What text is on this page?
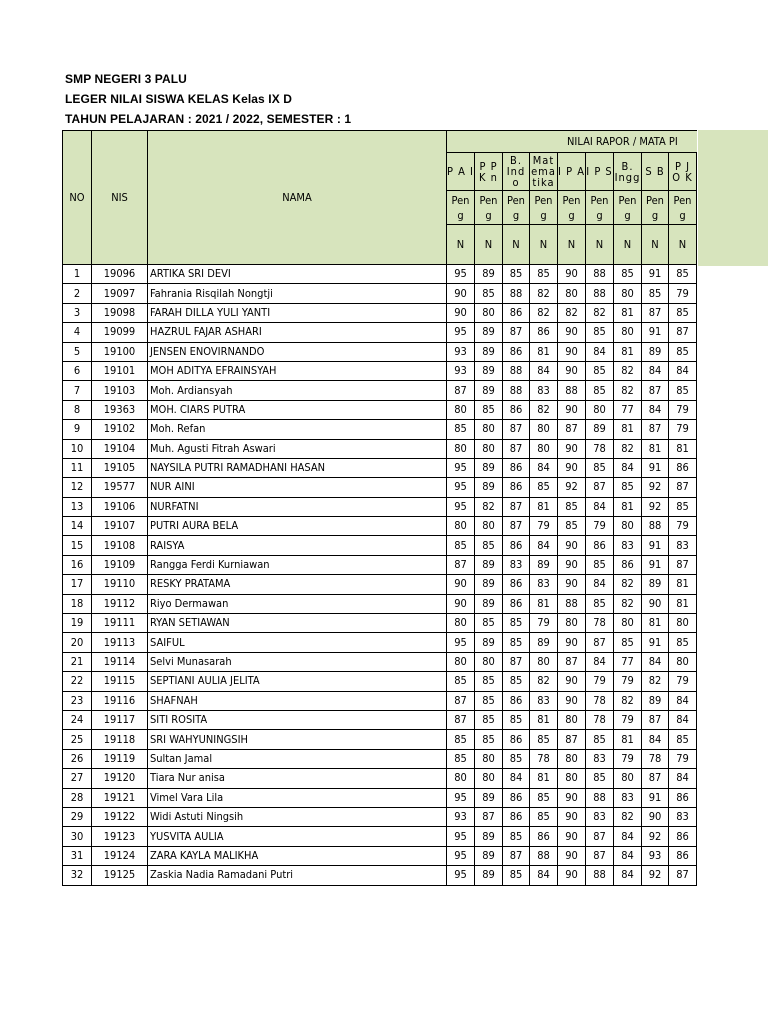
SMP NEGERI 3 PALU
LEGER NILAI SISWA KELAS Kelas IX D
TAHUN PELAJARAN : 2021 / 2022, SEMESTER : 1
NO	NIS	NAMA	NILAI RAPOR / MATA PI								
			P A I	P P K n	B. Ind o	Mat ema tika	I P A	I P S	B. Ingg	S B	P J O K
			Pen g	Pen g	Pen g	Pen g	Pen g	Pen g	Pen g	Pen g	Pen g
			N	N	N	N	N	N	N	N	N
1	19096	ARTIKA SRI DEVI	95	89	85	85	90	88	85	91	85
2	19097	Fahrania Risqilah Nongtji	90	85	88	82	80	88	80	85	79
3	19098	FARAH DILLA YULI YANTI	90	80	86	82	82	82	81	87	85
4	19099	HAZRUL FAJAR ASHARI	95	89	87	86	90	85	80	91	87
5	19100	JENSEN ENOVIRNANDO	93	89	86	81	90	84	81	89	85
6	19101	MOH ADITYA EFRAINSYAH	93	89	88	84	90	85	82	84	84
7	19103	Moh. Ardiansyah	87	89	88	83	88	85	82	87	85
8	19363	MOH. CIARS PUTRA	80	85	86	82	90	80	77	84	79
9	19102	Moh. Refan	85	80	87	80	87	89	81	87	79
10	19104	Muh. Agusti Fitrah Aswari	80	80	87	80	90	78	82	81	81
11	19105	NAYSILA PUTRI RAMADHANI HASAN	95	89	86	84	90	85	84	91	86
12	19577	NUR AINI	95	89	86	85	92	87	85	92	87
13	19106	NURFATNI	95	82	87	81	85	84	81	92	85
14	19107	PUTRI AURA BELA	80	80	87	79	85	79	80	88	79
15	19108	RAISYA	85	85	86	84	90	86	83	91	83
16	19109	Rangga Ferdi Kurniawan	87	89	83	89	90	85	86	91	87
17	19110	RESKY PRATAMA	90	89	86	83	90	84	82	89	81
18	19112	Riyo Dermawan	90	89	86	81	88	85	82	90	81
19	19111	RYAN SETIAWAN	80	85	85	79	80	78	80	81	80
20	19113	SAIFUL	95	89	85	89	90	87	85	91	85
21	19114	Selvi Munasarah	80	80	87	80	87	84	77	84	80
22	19115	SEPTIANI AULIA JELITA	85	85	85	82	90	79	79	82	79
23	19116	SHAFNAH	87	85	86	83	90	78	82	89	84
24	19117	SITI ROSITA	87	85	85	81	80	78	79	87	84
25	19118	SRI WAHYUNINGSIH	85	85	86	85	87	85	81	84	85
26	19119	Sultan Jamal	85	80	85	78	80	83	79	78	79
27	19120	Tiara Nur anisa	80	80	84	81	80	85	80	87	84
28	19121	Vimel Vara Lila	95	89	86	85	90	88	83	91	86
29	19122	Widi Astuti Ningsih	93	87	86	85	90	83	82	90	83
30	19123	YUSVITA AULIA	95	89	85	86	90	87	84	92	86
31	19124	ZARA KAYLA MALIKHA	95	89	87	88	90	87	84	93	86
32	19125	Zaskia Nadia Ramadani Putri	95	89	85	84	90	88	84	92	87
